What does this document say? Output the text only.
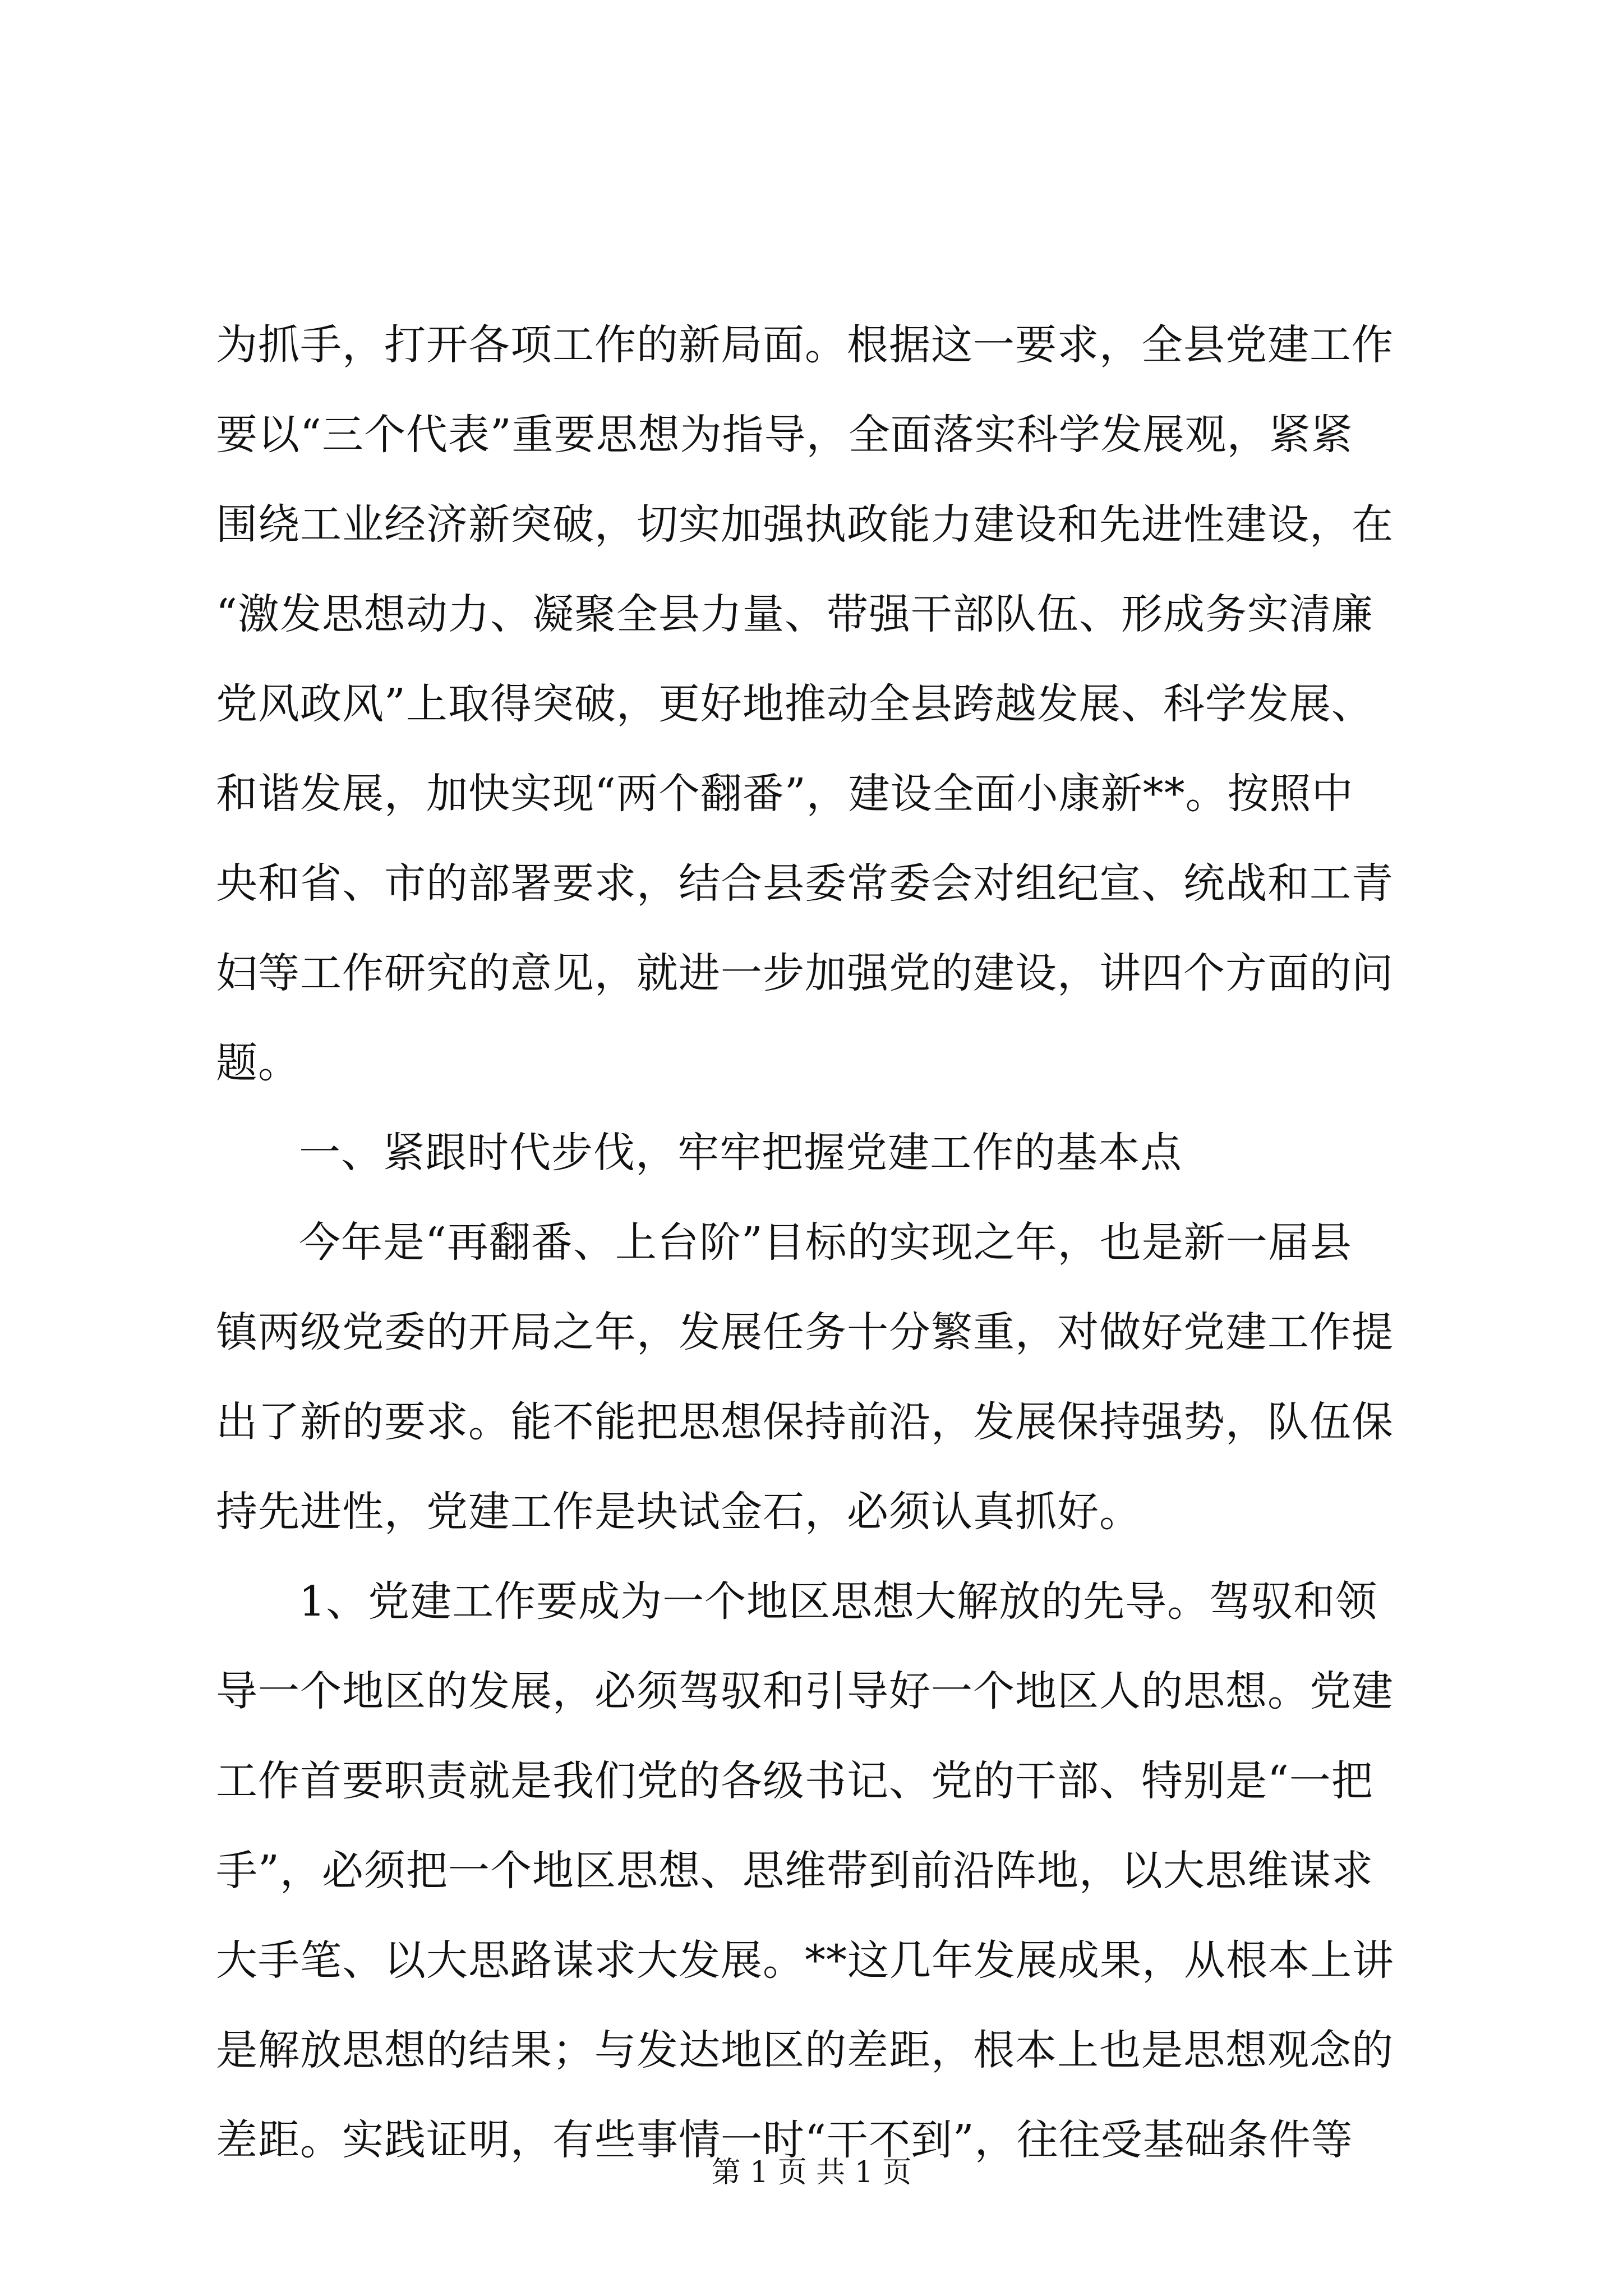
为抓手，打开各项工作的新局面。根据这一要求，全县党建工作
要以“三个代表”重要思想为指导，全面落实科学发展观，紧紧
围绕工业经济新突破，切实加强执政能力建设和先进性建设，在
“激发思想动力、凝聚全县力量、带强干部队伍、形成务实清廉
党风政风”上取得突破，更好地推动全县跨越发展、科学发展、
和谐发展，加快实现“两个翻番”，建设全面小康新**。按照中
央和省、市的部署要求，结合县委常委会对组纪宣、统战和工青
妇等工作研究的意见，就进一步加强党的建设，讲四个方面的问
题。
一、紧跟时代步伐，牢牢把握党建工作的基本点
今年是“再翻番、上台阶”目标的实现之年，也是新一届县
镇两级党委的开局之年，发展任务十分繁重，对做好党建工作提
出了新的要求。能不能把思想保持前沿，发展保持强势，队伍保
持先进性，党建工作是块试金石，必须认真抓好。
1、党建工作要成为一个地区思想大解放的先导。驾驭和领
导一个地区的发展，必须驾驭和引导好一个地区人的思想。党建
工作首要职责就是我们党的各级书记、党的干部、特别是“一把
手”，必须把一个地区思想、思维带到前沿阵地，以大思维谋求
大手笔、以大思路谋求大发展。**这几年发展成果，从根本上讲
是解放思想的结果；与发达地区的差距，根本上也是思想观念的
差距。实践证明，有些事情一时“干不到”，往往受基础条件等
第 1 页 共 1 页
